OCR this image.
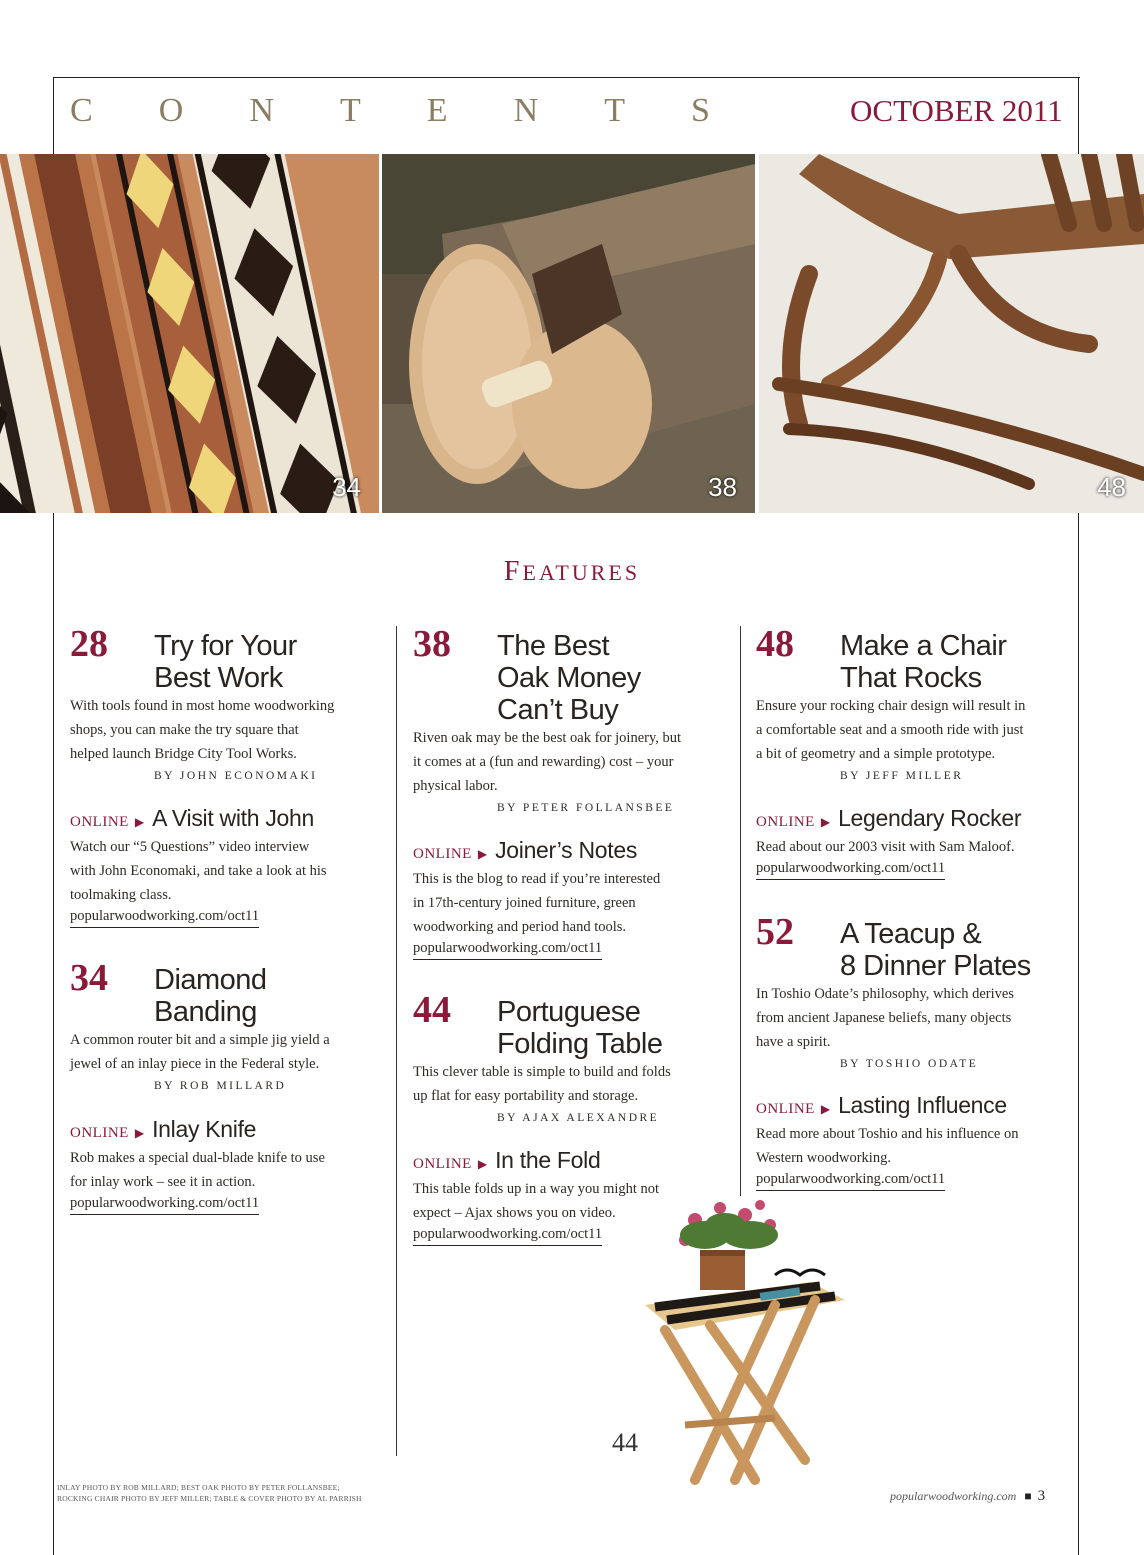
C O N T E N T S	OCTOBER 2011
34	38	48
FEATURES
28 Try for Your
Best Work
With tools found in most home woodworking
shops, you can make the try square that
helped launch Bridge City Tool Works.
BY JOHN ECONOMAKI
ONLINE ▶ A Visit with John
Watch our “5 Questions” video interview
with John Economaki, and take a look at his
toolmaking class.
popularwoodworking.com/oct11
34 Diamond
Banding
A common router bit and a simple jig yield a
jewel of an inlay piece in the Federal style.
BY ROB MILLARD
ONLINE ▶ Inlay Knife
Rob makes a special dual-blade knife to use
for inlay work – see it in action.
popularwoodworking.com/oct11
38 The Best
Oak Money
Can’t Buy
Riven oak may be the best oak for joinery, but
it comes at a (fun and rewarding) cost – your
physical labor.
BY PETER FOLLANSBEE
ONLINE ▶ Joiner’s Notes
This is the blog to read if you’re interested
in 17th-century joined furniture, green
woodworking and period hand tools.
popularwoodworking.com/oct11
44 Portuguese
Folding Table
This clever table is simple to build and folds
up flat for easy portability and storage.
BY AJAX ALEXANDRE
ONLINE ▶ In the Fold
This table folds up in a way you might not
expect – Ajax shows you on video.
popularwoodworking.com/oct11
48 Make a Chair
That Rocks
Ensure your rocking chair design will result in
a comfortable seat and a smooth ride with just
a bit of geometry and a simple prototype.
BY JEFF MILLER
ONLINE ▶ Legendary Rocker
Read about our 2003 visit with Sam Maloof.
popularwoodworking.com/oct11
52 A Teacup &
8 Dinner Plates
In Toshio Odate’s philosophy, which derives
from ancient Japanese beliefs, many objects
have a spirit.
BY TOSHIO ODATE
ONLINE ▶ Lasting Influence
Read more about Toshio and his influence on
Western woodworking.
popularwoodworking.com/oct11
44
INLAY PHOTO BY ROB MILLARD; BEST OAK PHOTO BY PETER FOLLANSBEE;
ROCKING CHAIR PHOTO BY JEFF MILLER; TABLE & COVER PHOTO BY AL PARRISH	popularwoodworking.com ■ 3
